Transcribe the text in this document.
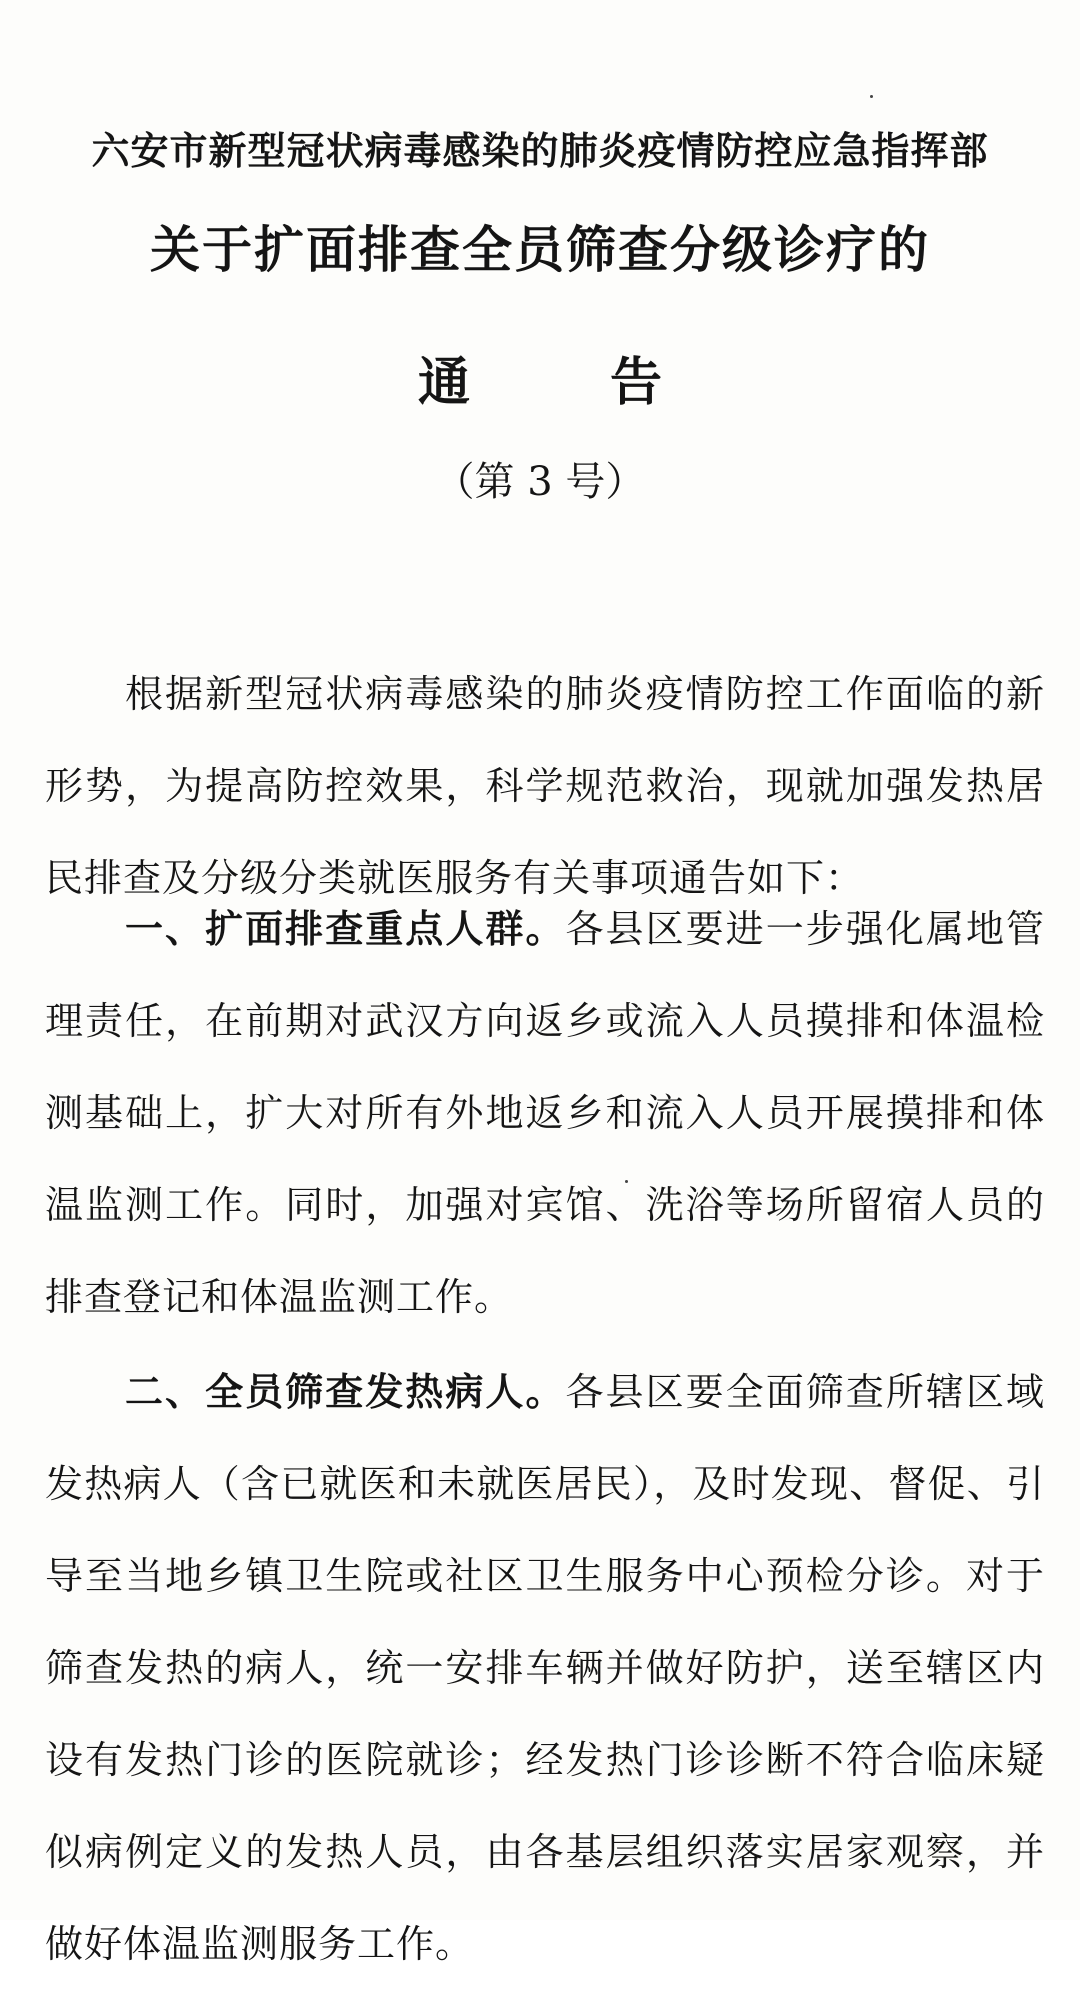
六安市新型冠状病毒感染的肺炎疫情防控应急指挥部
关于扩面排查全员筛查分级诊疗的
通告
（第 3 号）

根据新型冠状病毒感染的肺炎疫情防控工作面临的新形势，为提高防控效果，科学规范救治，现就加强发热居民排查及分级分类就医服务有关事项通告如下：

一、扩面排查重点人群。各县区要进一步强化属地管理责任，在前期对武汉方向返乡或流入人员摸排和体温检测基础上，扩大对所有外地返乡和流入人员开展摸排和体温监测工作。同时，加强对宾馆、洗浴等场所留宿人员的排查登记和体温监测工作。

二、全员筛查发热病人。各县区要全面筛查所辖区域发热病人（含已就医和未就医居民），及时发现、督促、引导至当地乡镇卫生院或社区卫生服务中心预检分诊。对于筛查发热的病人，统一安排车辆并做好防护，送至辖区内设有发热门诊的医院就诊；经发热门诊诊断不符合临床疑似病例定义的发热人员，由各基层组织落实居家观察，并做好体温监测服务工作。
